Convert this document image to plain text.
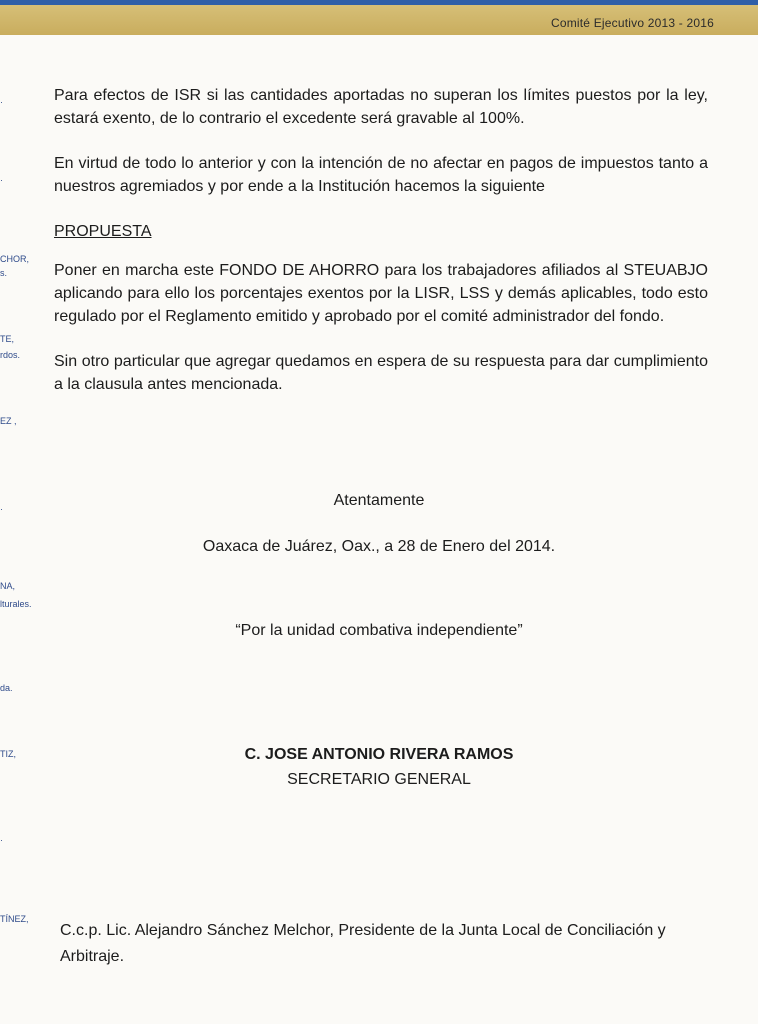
Comité Ejecutivo 2013 - 2016
·
·
CHOR,
s.
TE,
rdos.
EZ ,
·
NA,
lturales.
da.
TIZ,
·
TÍNEZ,

Para efectos de ISR si las cantidades aportadas no superan los límites puestos por la ley, estará exento, de lo contrario el excedente será gravable al 100%.

En virtud de todo lo anterior y con la intención de no afectar en pagos de impuestos tanto a nuestros agremiados y por ende a la Institución hacemos la siguiente

PROPUESTA

Poner en marcha este FONDO DE AHORRO para los trabajadores afiliados al STEUABJO aplicando para ello los porcentajes exentos por la LISR, LSS y demás aplicables, todo esto regulado por el Reglamento emitido y aprobado por el comité administrador del fondo.

Sin otro particular que agregar quedamos en espera de su respuesta para dar cumplimiento a la clausula antes mencionada.

Atentamente
Oaxaca de Juárez, Oax., a 28 de Enero del 2014.
“Por la unidad combativa independiente”
C. JOSE ANTONIO RIVERA RAMOS
SECRETARIO GENERAL

C.c.p. Lic. Alejandro Sánchez Melchor, Presidente de la Junta Local de Conciliación y Arbitraje.
